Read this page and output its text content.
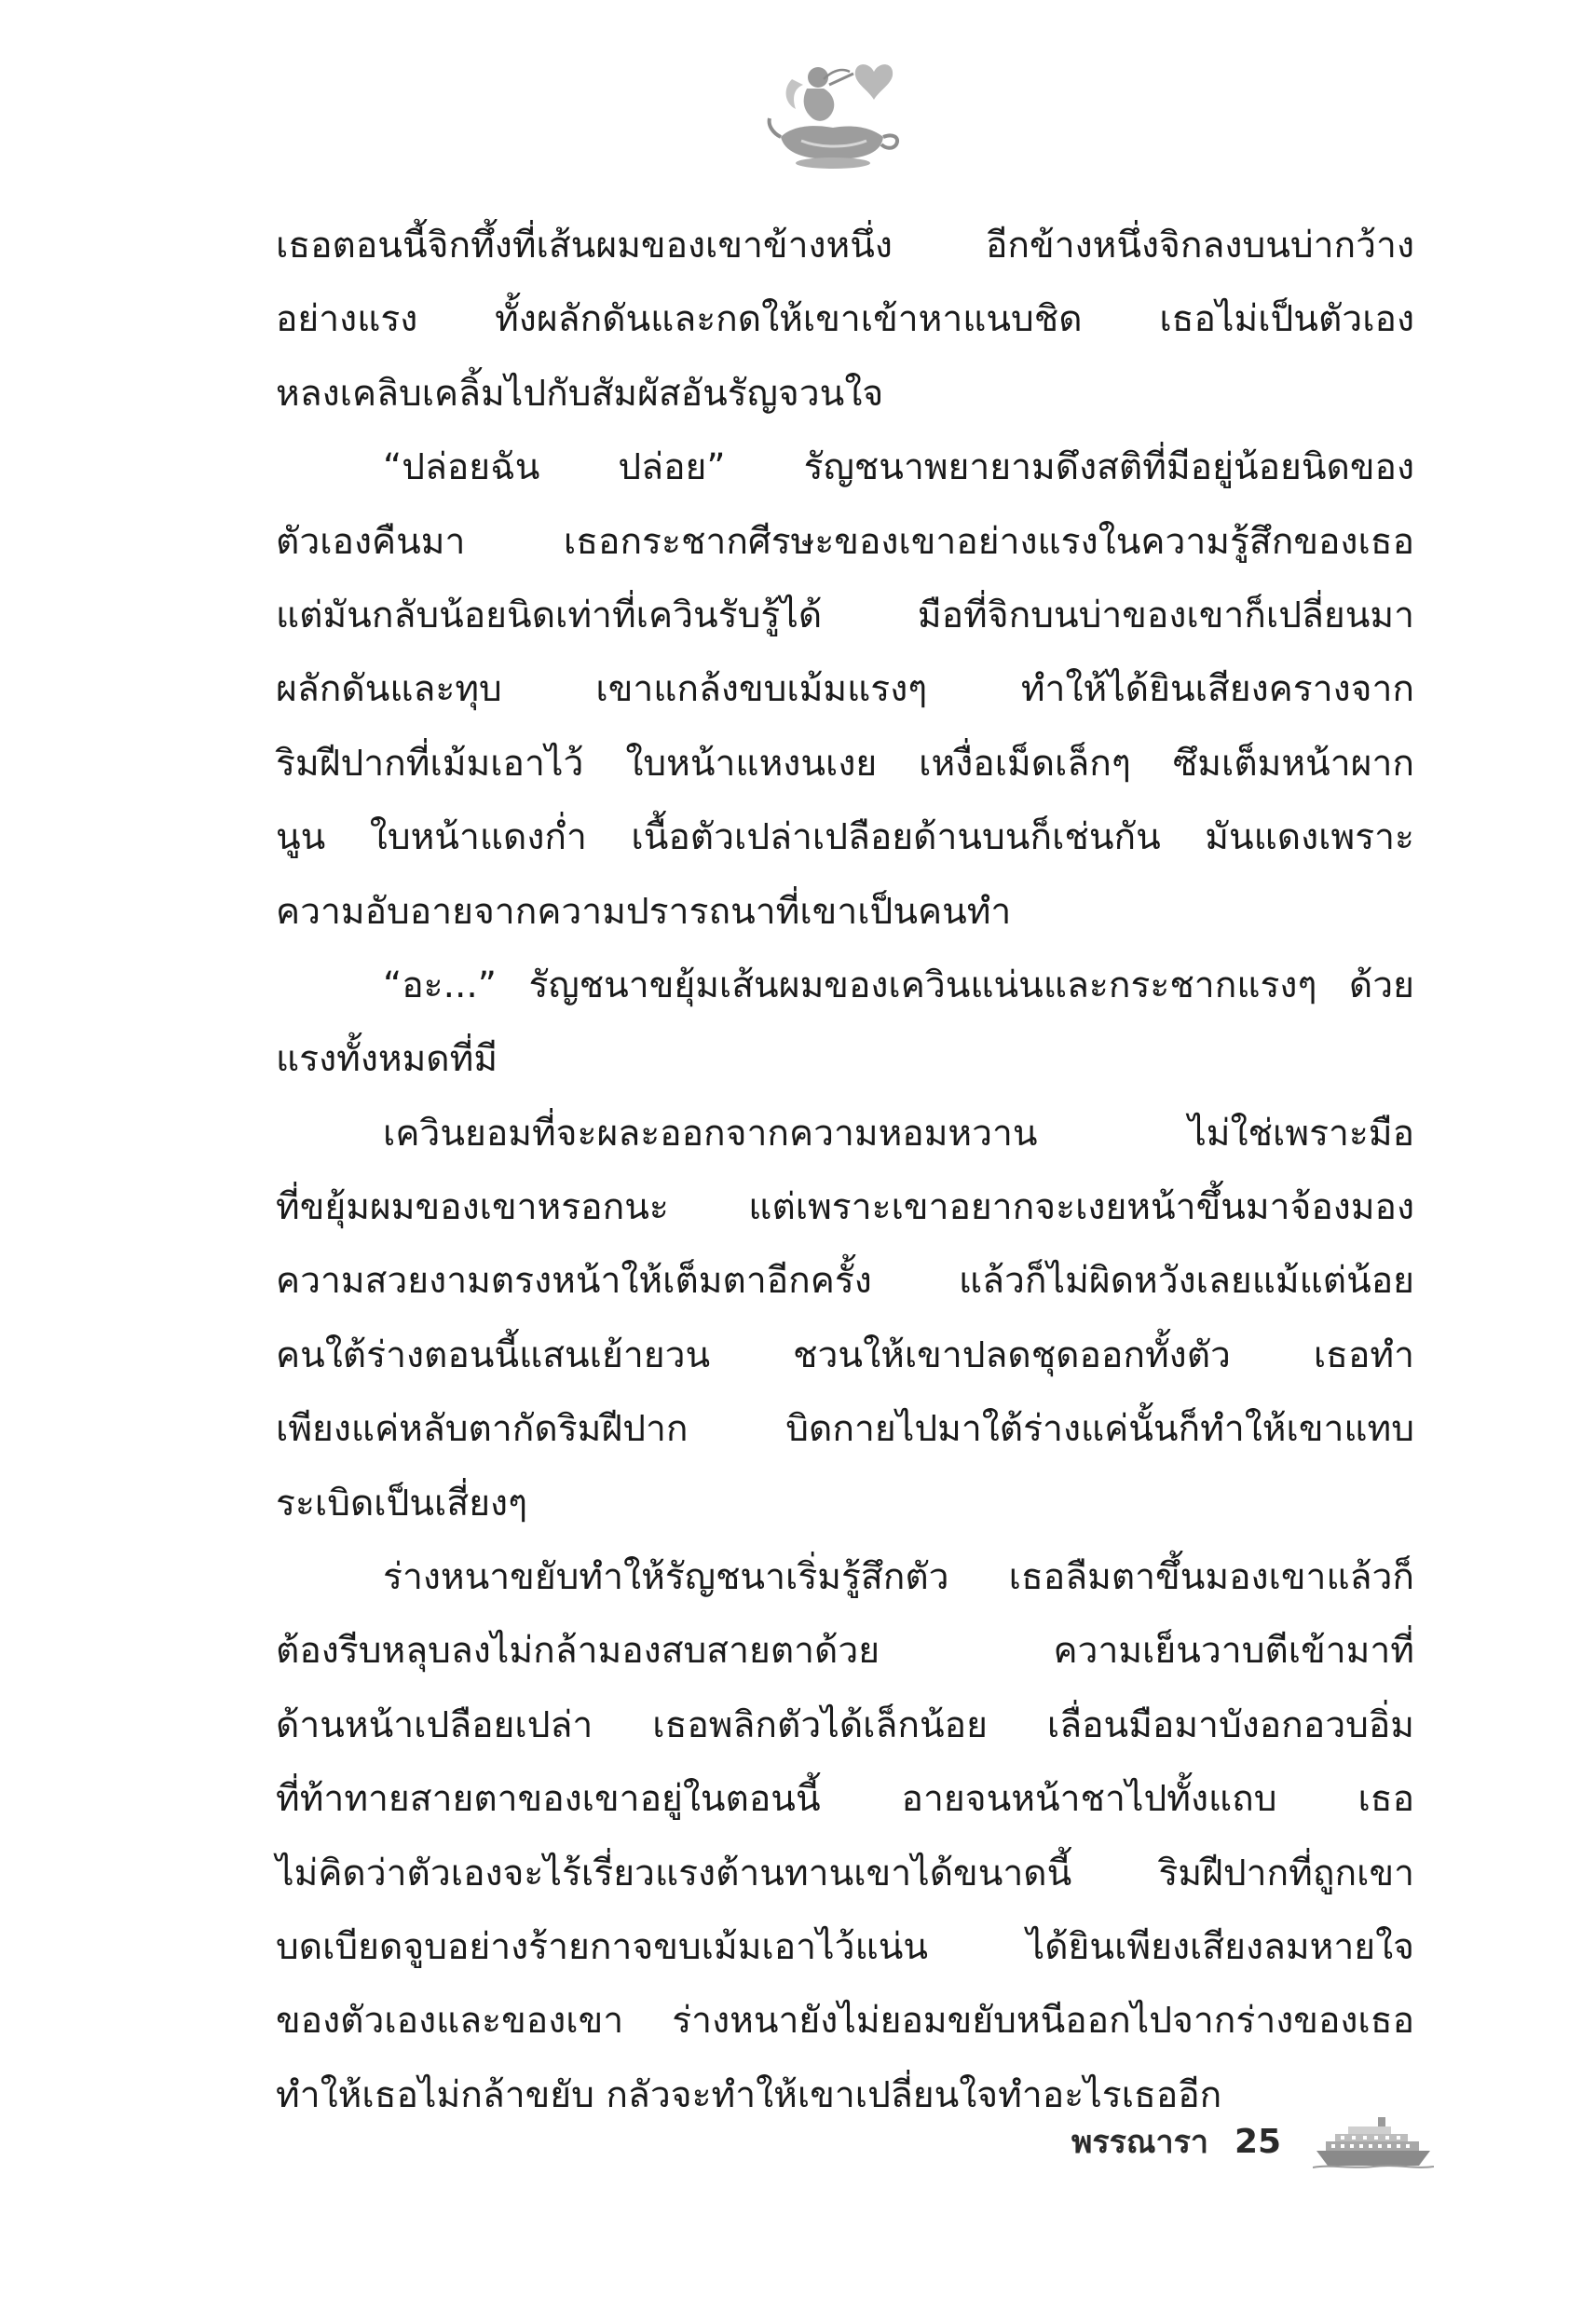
เธอตอนนี้จิกทึ้งที่เส้นผมของเขาข้างหนึ่ง อีกข้างหนึ่งจิกลงบนบ่ากว้าง
อย่างแรง ทั้งผลักดันและกดให้เขาเข้าหาแนบชิด เธอไม่เป็นตัวเอง
หลงเคลิบเคลิ้มไปกับสัมผัสอันรัญจวนใจ
“ปล่อยฉัน ปล่อย” รัญชนาพยายามดึงสติที่มีอยู่น้อยนิดของ
ตัวเองคืนมา เธอกระชากศีรษะของเขาอย่างแรงในความรู้สึกของเธอ
แต่มันกลับน้อยนิดเท่าที่เควินรับรู้ได้ มือที่จิกบนบ่าของเขาก็เปลี่ยนมา
ผลักดันและทุบ เขาแกล้งขบเม้มแรงๆ ทำให้ได้ยินเสียงครางจาก
ริมฝีปากที่เม้มเอาไว้ ใบหน้าแหงนเงย เหงื่อเม็ดเล็กๆ ซึมเต็มหน้าผาก
นูน ใบหน้าแดงก่ำ เนื้อตัวเปล่าเปลือยด้านบนก็เช่นกัน มันแดงเพราะ
ความอับอายจากความปรารถนาที่เขาเป็นคนทำ
“อะ...” รัญชนาขยุ้มเส้นผมของเควินแน่นและกระชากแรงๆ ด้วย
แรงทั้งหมดที่มี
เควินยอมที่จะผละออกจากความหอมหวาน ไม่ใช่เพราะมือ
ที่ขยุ้มผมของเขาหรอกนะ แต่เพราะเขาอยากจะเงยหน้าขึ้นมาจ้องมอง
ความสวยงามตรงหน้าให้เต็มตาอีกครั้ง แล้วก็ไม่ผิดหวังเลยแม้แต่น้อย
คนใต้ร่างตอนนี้แสนเย้ายวน ชวนให้เขาปลดชุดออกทั้งตัว เธอทำ
เพียงแค่หลับตากัดริมฝีปาก บิดกายไปมาใต้ร่างแค่นั้นก็ทำให้เขาแทบ
ระเบิดเป็นเสี่ยงๆ
ร่างหนาขยับทำให้รัญชนาเริ่มรู้สึกตัว เธอลืมตาขึ้นมองเขาแล้วก็
ต้องรีบหลุบลงไม่กล้ามองสบสายตาด้วย ความเย็นวาบตีเข้ามาที่
ด้านหน้าเปลือยเปล่า เธอพลิกตัวได้เล็กน้อย เลื่อนมือมาบังอกอวบอิ่ม
ที่ท้าทายสายตาของเขาอยู่ในตอนนี้ อายจนหน้าชาไปทั้งแถบ เธอ
ไม่คิดว่าตัวเองจะไร้เรี่ยวแรงต้านทานเขาได้ขนาดนี้ ริมฝีปากที่ถูกเขา
บดเบียดจูบอย่างร้ายกาจขบเม้มเอาไว้แน่น ได้ยินเพียงเสียงลมหายใจ
ของตัวเองและของเขา ร่างหนายังไม่ยอมขยับหนีออกไปจากร่างของเธอ
ทำให้เธอไม่กล้าขยับ กลัวจะทำให้เขาเปลี่ยนใจทำอะไรเธออีก
พรรณารา 25
